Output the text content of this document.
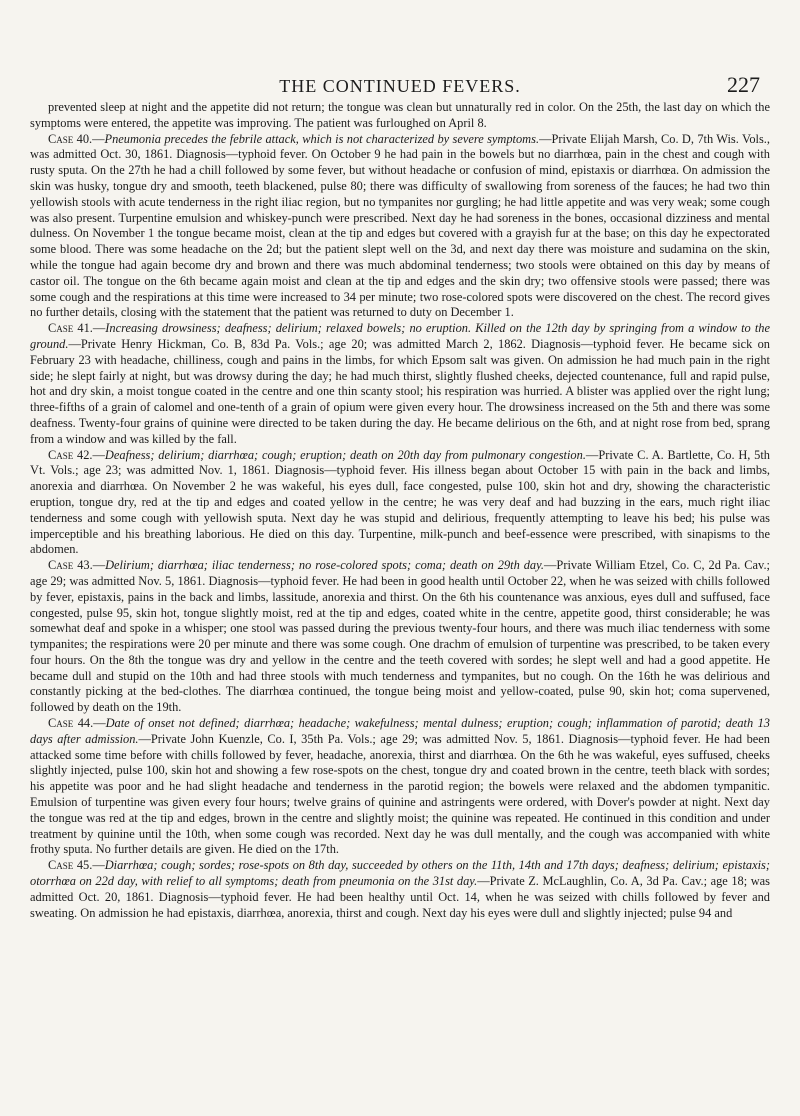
THE CONTINUED FEVERS.	227

prevented sleep at night and the appetite did not return; the tongue was clean but unnaturally red in color. On the 25th, the last day on which the symptoms were entered, the appetite was improving. The patient was furloughed on April 8.

Case 40.—Pneumonia precedes the febrile attack, which is not characterized by severe symptoms.—Private Elijah Marsh, Co. D, 7th Wis. Vols., was admitted Oct. 30, 1861. Diagnosis—typhoid fever. On October 9 he had pain in the bowels but no diarrhœa, pain in the chest and cough with rusty sputa. On the 27th he had a chill followed by some fever, but without headache or confusion of mind, epistaxis or diarrhœa. On admission the skin was husky, tongue dry and smooth, teeth blackened, pulse 80; there was difficulty of swallowing from soreness of the fauces; he had two thin yellowish stools with acute tenderness in the right iliac region, but no tympanites nor gurgling; he had little appetite and was very weak; some cough was also present. Turpentine emulsion and whiskey-punch were prescribed. Next day he had soreness in the bones, occasional dizziness and mental dulness. On November 1 the tongue became moist, clean at the tip and edges but covered with a grayish fur at the base; on this day he expectorated some blood. There was some headache on the 2d; but the patient slept well on the 3d, and next day there was moisture and sudamina on the skin, while the tongue had again become dry and brown and there was much abdominal tenderness; two stools were obtained on this day by means of castor oil. The tongue on the 6th became again moist and clean at the tip and edges and the skin dry; two offensive stools were passed; there was some cough and the respirations at this time were increased to 34 per minute; two rose-colored spots were discovered on the chest. The record gives no further details, closing with the statement that the patient was returned to duty on December 1.

Case 41.—Increasing drowsiness; deafness; delirium; relaxed bowels; no eruption. Killed on the 12th day by springing from a window to the ground.—Private Henry Hickman, Co. B, 83d Pa. Vols.; age 20; was admitted March 2, 1862. Diagnosis—typhoid fever. He became sick on February 23 with headache, chilliness, cough and pains in the limbs, for which Epsom salt was given. On admission he had much pain in the right side; he slept fairly at night, but was drowsy during the day; he had much thirst, slightly flushed cheeks, dejected countenance, full and rapid pulse, hot and dry skin, a moist tongue coated in the centre and one thin scanty stool; his respiration was hurried. A blister was applied over the right lung; three-fifths of a grain of calomel and one-tenth of a grain of opium were given every hour. The drowsiness increased on the 5th and there was some deafness. Twenty-four grains of quinine were directed to be taken during the day. He became delirious on the 6th, and at night rose from bed, sprang from a window and was killed by the fall.

Case 42.—Deafness; delirium; diarrhœa; cough; eruption; death on 20th day from pulmonary congestion.—Private C. A. Bartlette, Co. H, 5th Vt. Vols.; age 23; was admitted Nov. 1, 1861. Diagnosis—typhoid fever. His illness began about October 15 with pain in the back and limbs, anorexia and diarrhœa. On November 2 he was wakeful, his eyes dull, face congested, pulse 100, skin hot and dry, showing the characteristic eruption, tongue dry, red at the tip and edges and coated yellow in the centre; he was very deaf and had buzzing in the ears, much right iliac tenderness and some cough with yellowish sputa. Next day he was stupid and delirious, frequently attempting to leave his bed; his pulse was imperceptible and his breathing laborious. He died on this day. Turpentine, milk-punch and beef-essence were prescribed, with sinapisms to the abdomen.

Case 43.—Delirium; diarrhœa; iliac tenderness; no rose-colored spots; coma; death on 29th day.—Private William Etzel, Co. C, 2d Pa. Cav.; age 29; was admitted Nov. 5, 1861. Diagnosis—typhoid fever. He had been in good health until October 22, when he was seized with chills followed by fever, epistaxis, pains in the back and limbs, lassitude, anorexia and thirst. On the 6th his countenance was anxious, eyes dull and suffused, face congested, pulse 95, skin hot, tongue slightly moist, red at the tip and edges, coated white in the centre, appetite good, thirst considerable; he was somewhat deaf and spoke in a whisper; one stool was passed during the previous twenty-four hours, and there was much iliac tenderness with some tympanites; the respirations were 20 per minute and there was some cough. One drachm of emulsion of turpentine was prescribed, to be taken every four hours. On the 8th the tongue was dry and yellow in the centre and the teeth covered with sordes; he slept well and had a good appetite. He became dull and stupid on the 10th and had three stools with much tenderness and tympanites, but no cough. On the 16th he was delirious and constantly picking at the bed-clothes. The diarrhœa continued, the tongue being moist and yellow-coated, pulse 90, skin hot; coma supervened, followed by death on the 19th.

Case 44.—Date of onset not defined; diarrhœa; headache; wakefulness; mental dulness; eruption; cough; inflammation of parotid; death 13 days after admission.—Private John Kuenzle, Co. I, 35th Pa. Vols.; age 29; was admitted Nov. 5, 1861. Diagnosis—typhoid fever. He had been attacked some time before with chills followed by fever, headache, anorexia, thirst and diarrhœa. On the 6th he was wakeful, eyes suffused, cheeks slightly injected, pulse 100, skin hot and showing a few rose-spots on the chest, tongue dry and coated brown in the centre, teeth black with sordes; his appetite was poor and he had slight headache and tenderness in the parotid region; the bowels were relaxed and the abdomen tympanitic. Emulsion of turpentine was given every four hours; twelve grains of quinine and astringents were ordered, with Dover's powder at night. Next day the tongue was red at the tip and edges, brown in the centre and slightly moist; the quinine was repeated. He continued in this condition and under treatment by quinine until the 10th, when some cough was recorded. Next day he was dull mentally, and the cough was accompanied with white frothy sputa. No further details are given. He died on the 17th.

Case 45.—Diarrhœa; cough; sordes; rose-spots on 8th day, succeeded by others on the 11th, 14th and 17th days; deafness; delirium; epistaxis; otorrhœa on 22d day, with relief to all symptoms; death from pneumonia on the 31st day.—Private Z. McLaughlin, Co. A, 3d Pa. Cav.; age 18; was admitted Oct. 20, 1861. Diagnosis—typhoid fever. He had been healthy until Oct. 14, when he was seized with chills followed by fever and sweating. On admission he had epistaxis, diarrhœa, anorexia, thirst and cough. Next day his eyes were dull and slightly injected; pulse 94 and
